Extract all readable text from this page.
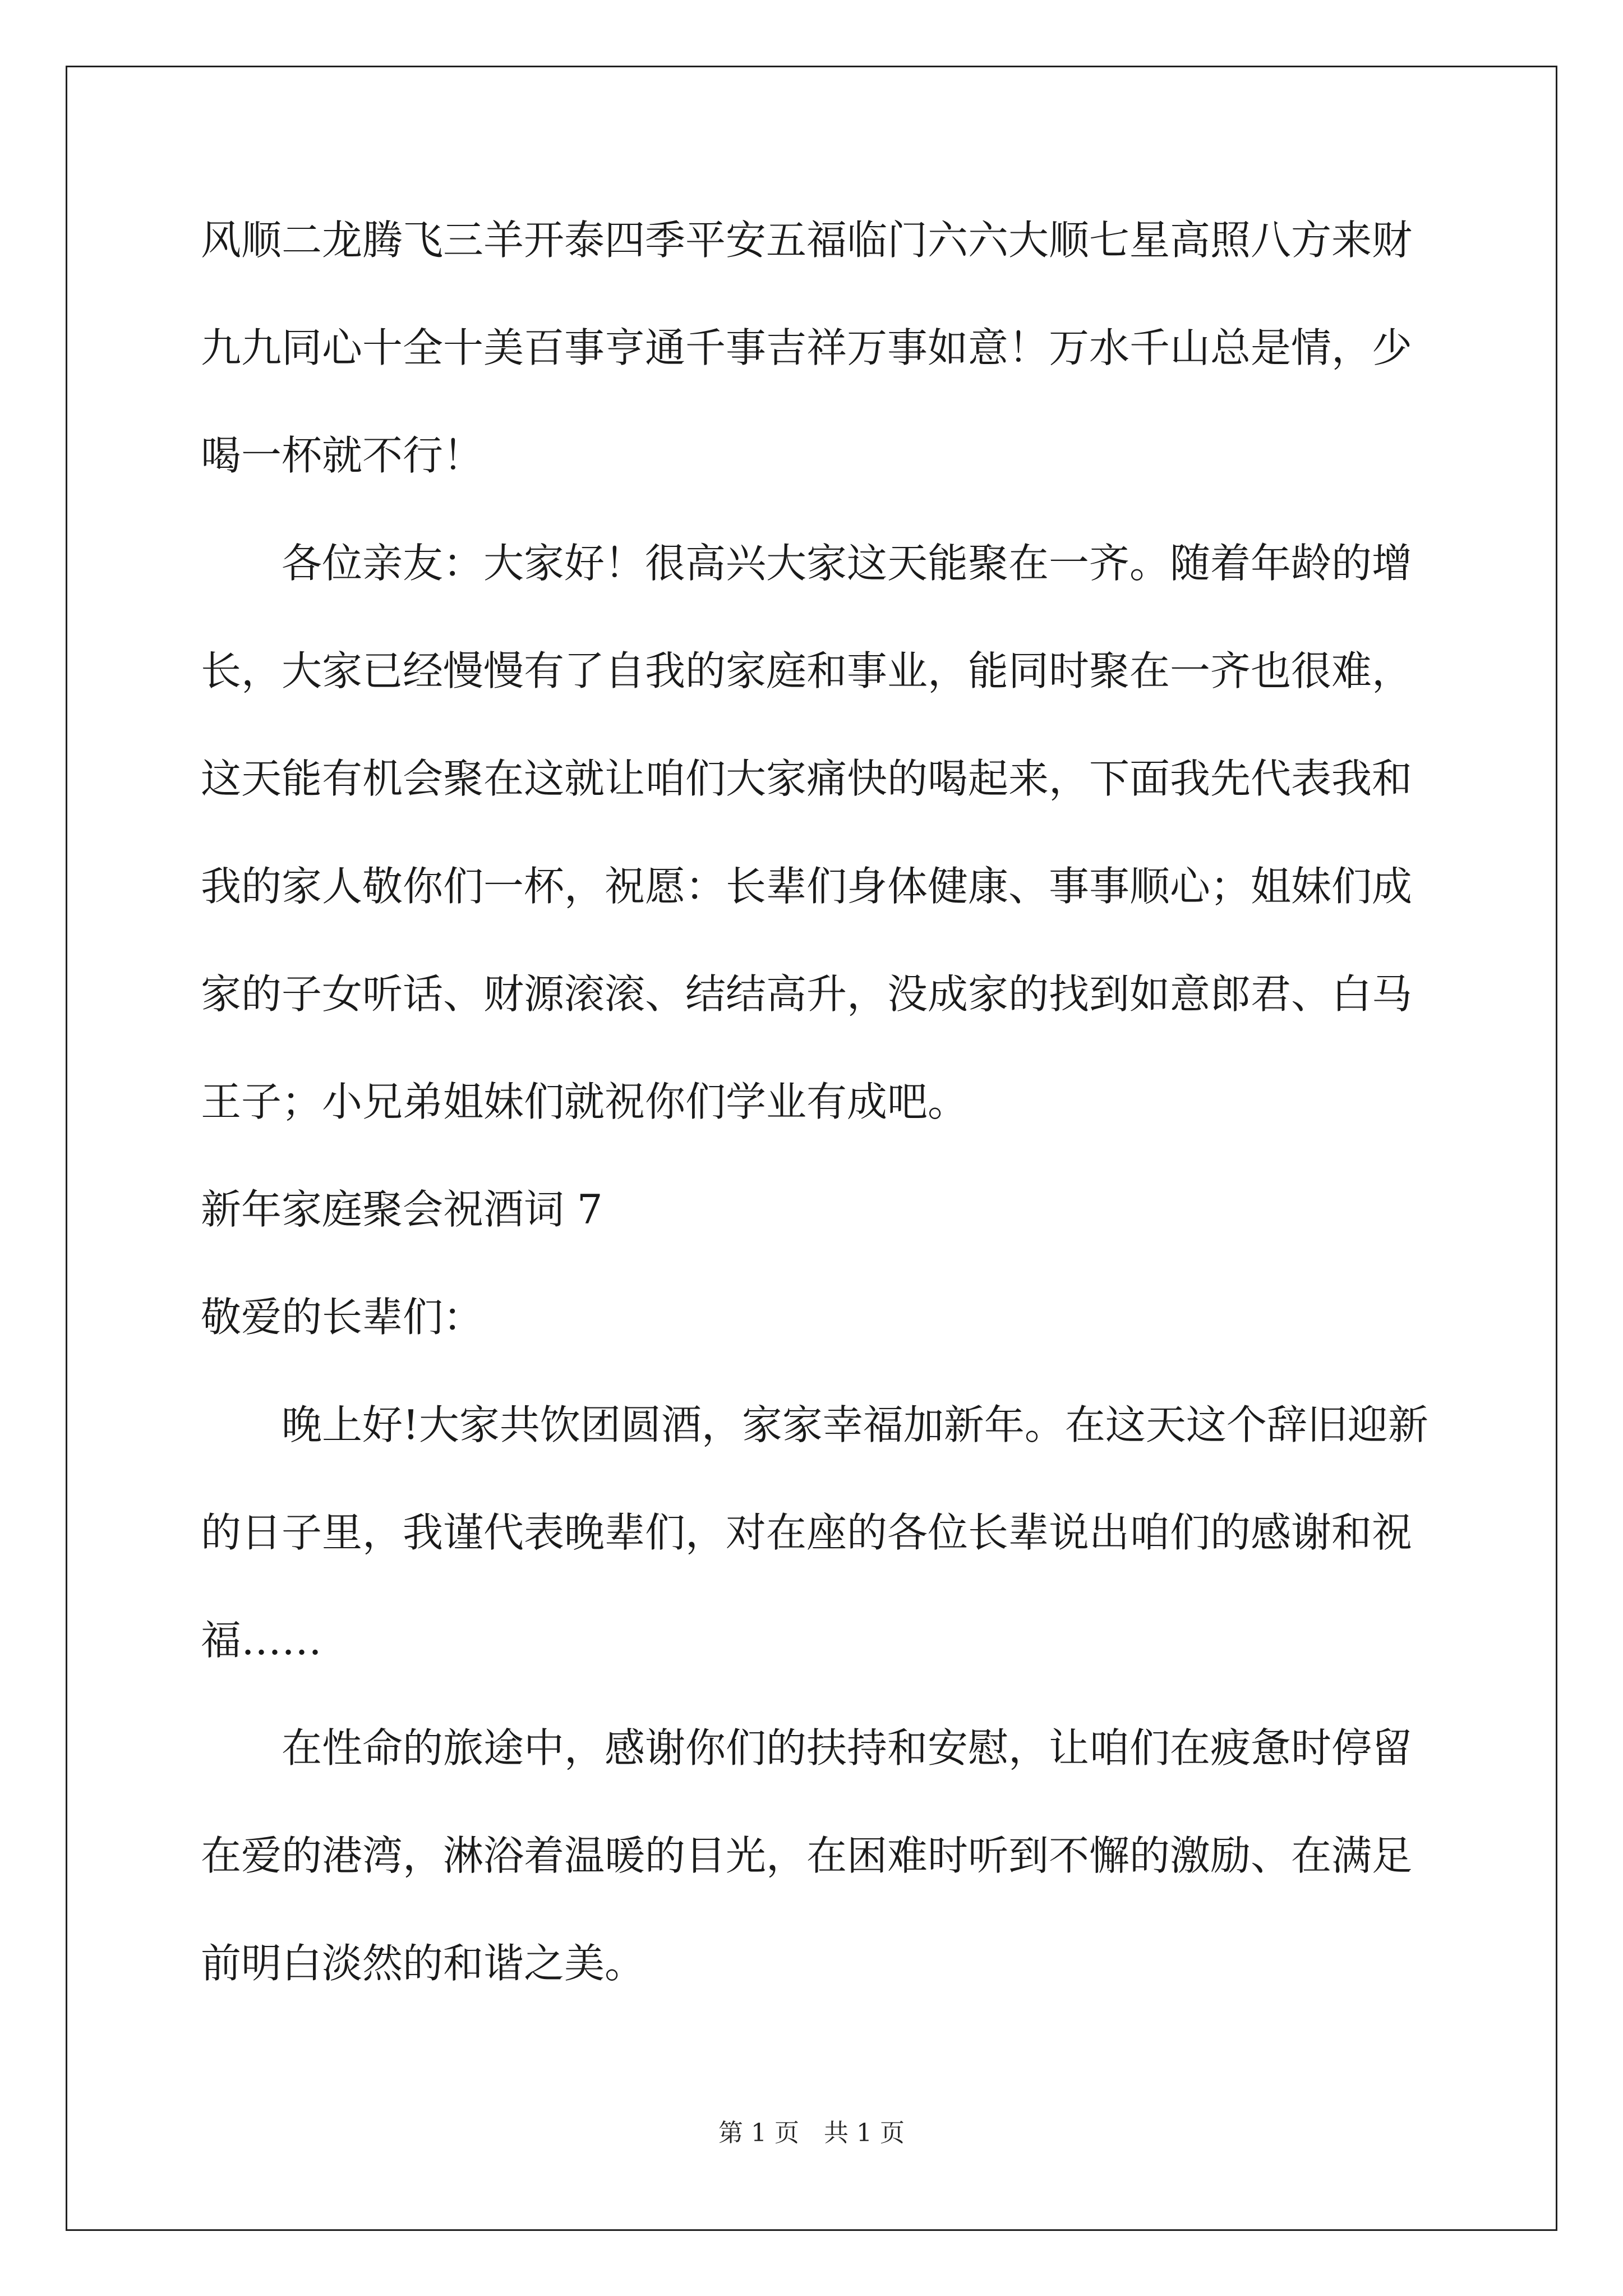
风顺二龙腾飞三羊开泰四季平安五福临门六六大顺七星高照八方来财
九九同心十全十美百事亨通千事吉祥万事如意！万水千山总是情，少
喝一杯就不行！
各位亲友：大家好！很高兴大家这天能聚在一齐。随着年龄的增
长，大家已经慢慢有了自我的家庭和事业，能同时聚在一齐也很难，
这天能有机会聚在这就让咱们大家痛快的喝起来，下面我先代表我和
我的家人敬你们一杯，祝愿：长辈们身体健康、事事顺心；姐妹们成
家的子女听话、财源滚滚、结结高升，没成家的找到如意郎君、白马
王子；小兄弟姐妹们就祝你们学业有成吧。
新年家庭聚会祝酒词 7
敬爱的长辈们：
晚上好!大家共饮团圆酒，家家幸福加新年。在这天这个辞旧迎新
的日子里，我谨代表晚辈们，对在座的各位长辈说出咱们的感谢和祝
福……
在性命的旅途中，感谢你们的扶持和安慰，让咱们在疲惫时停留
在爱的港湾，淋浴着温暖的目光，在困难时听到不懈的激励、在满足
前明白淡然的和谐之美。
第 1 页　共 1 页
